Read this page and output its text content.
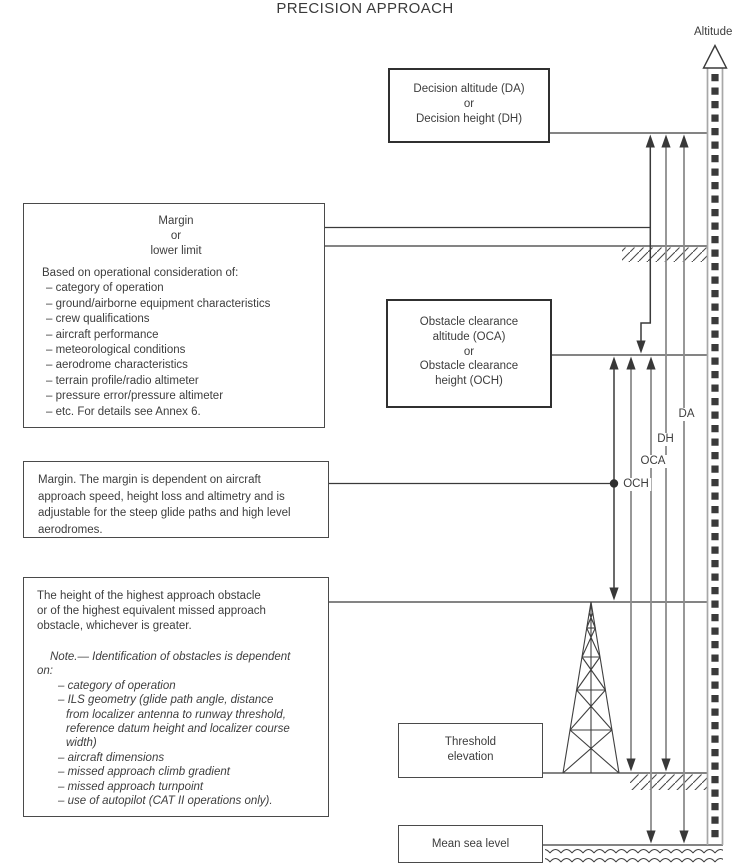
PRECISION APPROACH
Altitude
Decision altitude (DA)
or
Decision height (DH)
Obstacle clearance
altitude (OCA)
or
Obstacle clearance
height (OCH)
Margin
or
lower limit
Based on operational consideration of:
– category of operation
– ground/airborne equipment characteristics
– crew qualifications
– aircraft performance
– meteorological conditions
– aerodrome characteristics
– terrain profile/radio altimeter
– pressure error/pressure altimeter
– etc. For details see Annex 6.
Margin. The margin is dependent on aircraft
approach speed, height loss and altimetry and is
adjustable for the steep glide paths and high level
aerodromes.
The height of the highest approach obstacle
or of the highest equivalent missed approach
obstacle, whichever is greater.
Note.— Identification of obstacles is dependent
on:
– category of operation
– ILS geometry (glide path angle, distance
from localizer antenna to runway threshold,
reference datum height and localizer course
width)
– aircraft dimensions
– missed approach climb gradient
– missed approach turnpoint
– use of autopilot (CAT II operations only).
Threshold
elevation
Mean sea level
DA
DH
OCA
OCH
